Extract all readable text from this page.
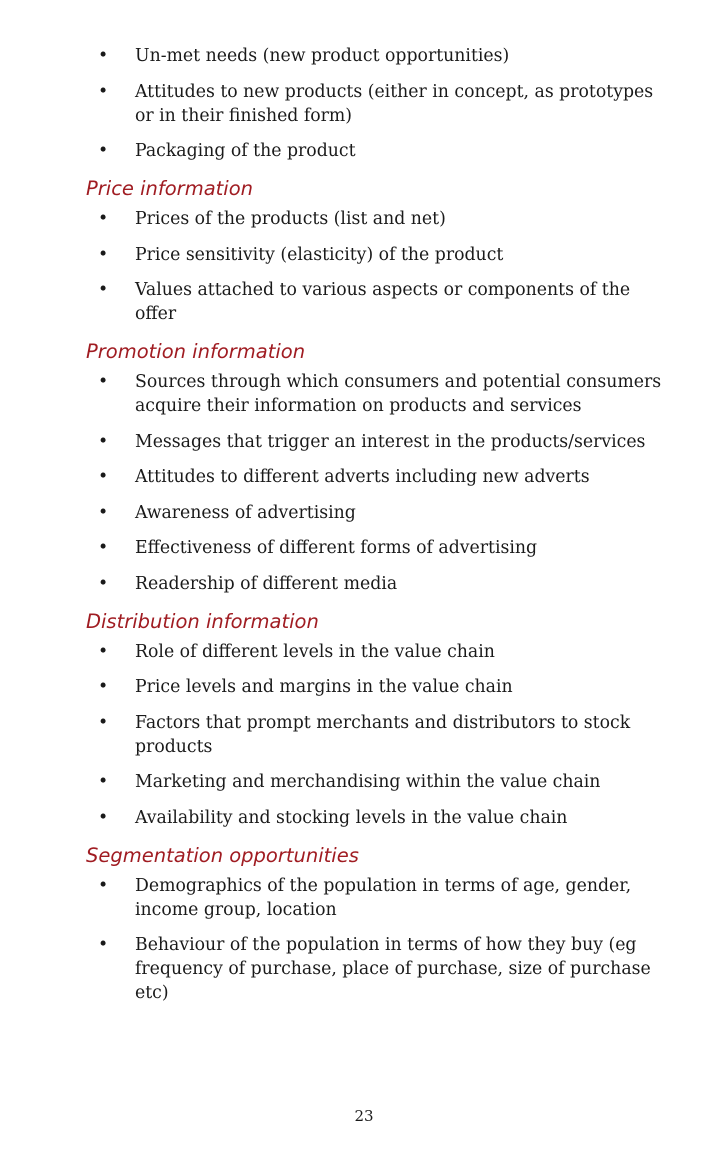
• Un-met needs (new product opportunities)
• Attitudes to new products (either in concept, as prototypes or in their finished form)
• Packaging of the product
Price information
• Prices of the products (list and net)
• Price sensitivity (elasticity) of the product
• Values attached to various aspects or components of the offer
Promotion information
• Sources through which consumers and potential consumers acquire their information on products and services
• Messages that trigger an interest in the products/services
• Attitudes to different adverts including new adverts
• Awareness of advertising
• Effectiveness of different forms of advertising
• Readership of different media
Distribution information
• Role of different levels in the value chain
• Price levels and margins in the value chain
• Factors that prompt merchants and distributors to stock products
• Marketing and merchandising within the value chain
• Availability and stocking levels in the value chain
Segmentation opportunities
• Demographics of the population in terms of age, gender, income group, location
• Behaviour of the population in terms of how they buy (eg frequency of purchase, place of purchase, size of purchase etc)
23
